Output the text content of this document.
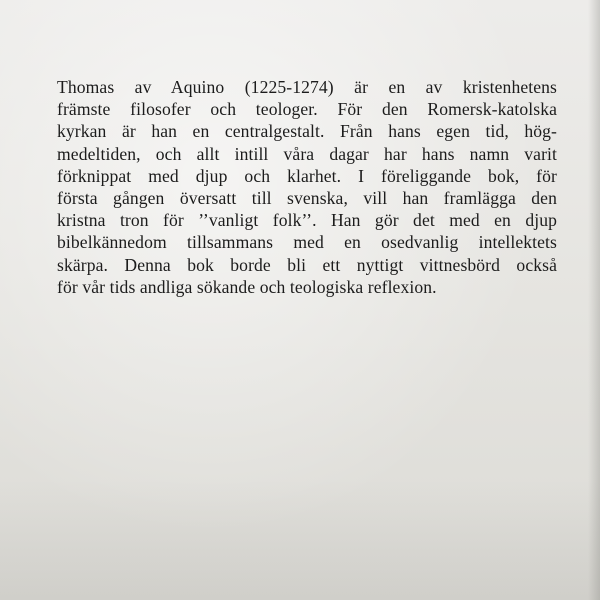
Thomas av Aquino (1225-1274) är en av kristenhetens
främste filosofer och teologer. För den Romersk-katolska
kyrkan är han en centralgestalt. Från hans egen tid, hög-
medeltiden, och allt intill våra dagar har hans namn varit
förknippat med djup och klarhet. I föreliggande bok, för
första gången översatt till svenska, vill han framlägga den
kristna tron för ’’vanligt folk’’. Han gör det med en djup
bibelkännedom tillsammans med en osedvanlig intellektets
skärpa. Denna bok borde bli ett nyttigt vittnesbörd också
för vår tids andliga sökande och teologiska reflexion.
